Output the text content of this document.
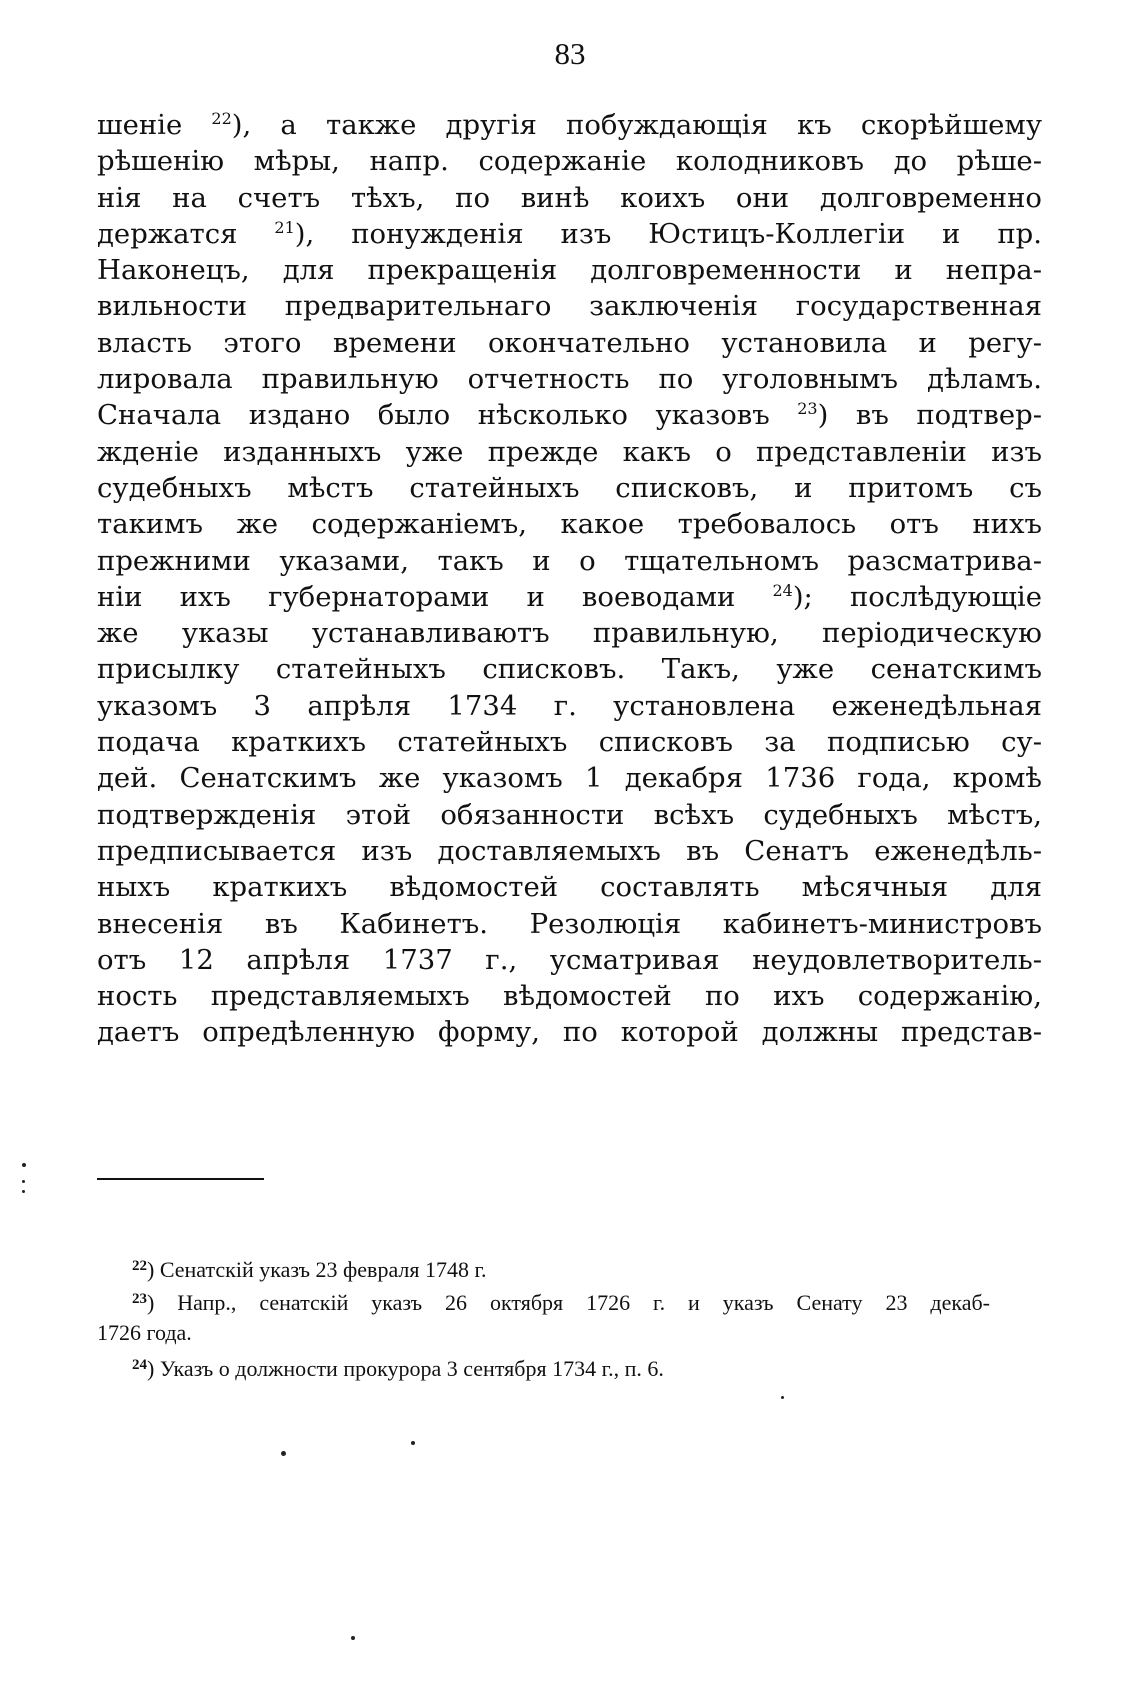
83
шеніе $^{22}$), а также другія побуждающія къ скорѣйшему
рѣшенію мѣры, напр. содержаніе колодниковъ до рѣше-
нія на счетъ тѣхъ, по винѣ коихъ они долговременно
держатся $^{21}$), понужденія изъ Юстицъ-Коллегіи и пр.
Наконецъ, для прекращенія долговременности и непра-
вильности предварительнаго заключенія государственная
власть этого времени окончательно установила и регу-
лировала правильную отчетность по уголовнымъ дѣламъ.
Сначала издано было нѣсколько указовъ $^{23}$) въ подтвер-
жденіе изданныхъ уже прежде какъ о представленіи изъ
судебныхъ мѣстъ статейныхъ списковъ, и притомъ съ
такимъ же содержаніемъ, какое требовалось отъ нихъ
прежними указами, такъ и о тщательномъ разсматрива-
ніи ихъ губернаторами и воеводами $^{24}$); послѣдующіе
же указы устанавливаютъ правильную, періодическую
присылку статейныхъ списковъ. Такъ, уже сенатскимъ
указомъ 3 апрѣля 1734 г. установлена еженедѣльная
подача краткихъ статейныхъ списковъ за подписью су-
дей. Сенатскимъ же указомъ 1 декабря 1736 года, кромѣ
подтвержденія этой обязанности всѣхъ судебныхъ мѣстъ,
предписывается изъ доставляемыхъ въ Сенатъ еженедѣль-
ныхъ краткихъ вѣдомостей составлять мѣсячныя для
внесенія въ Кабинетъ. Резолюція кабинетъ-министровъ
отъ 12 апрѣля 1737 г., усматривая неудовлетворитель-
ность представляемыхъ вѣдомостей по ихъ содержанію,
даетъ опредѣленную форму, по которой должны представ-
$^{22}$) Сенатскій указъ 23 февраля 1748 г.
$^{23}$) Напр., сенатскій указъ 26 октября 1726 г. и указъ Сенату 23 декаб-
1726 года.
$^{24}$) Указъ о должности прокурора 3 сентября 1734 г., п. 6.
